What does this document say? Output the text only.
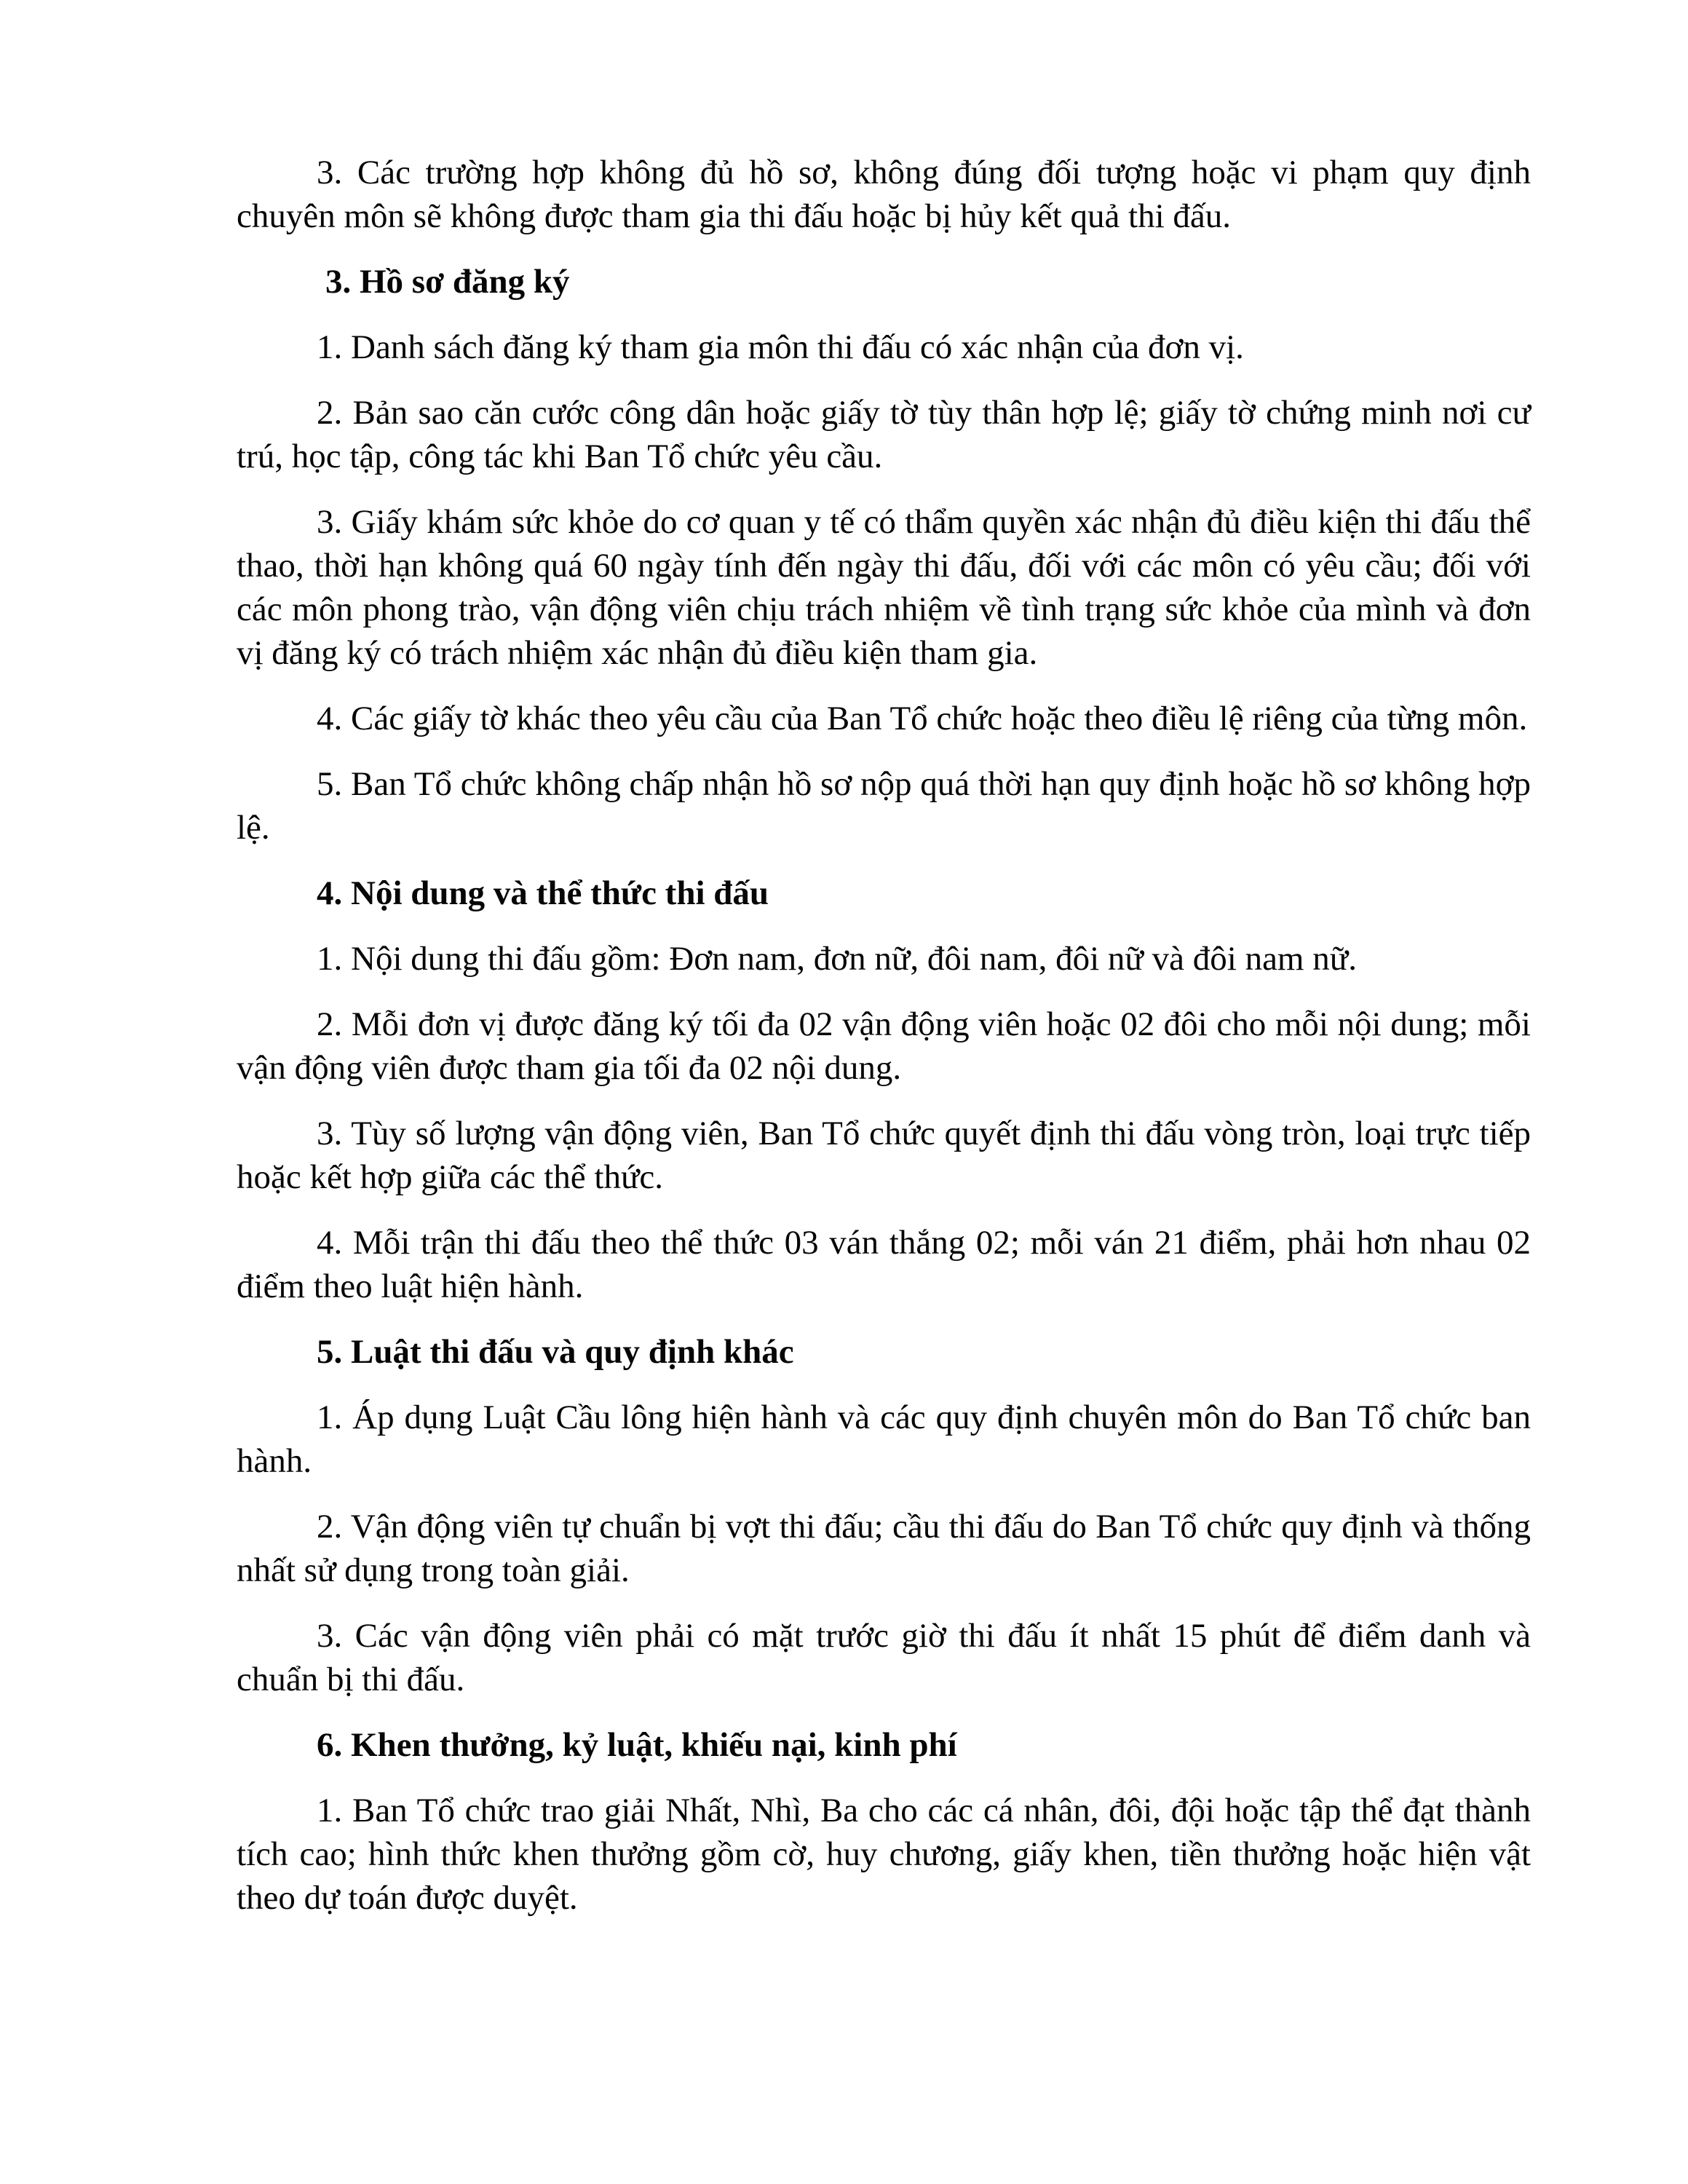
3. Các trường hợp không đủ hồ sơ, không đúng đối tượng hoặc vi phạm quy định chuyên môn sẽ không được tham gia thi đấu hoặc bị hủy kết quả thi đấu.

3. Hồ sơ đăng ký

1. Danh sách đăng ký tham gia môn thi đấu có xác nhận của đơn vị.

2. Bản sao căn cước công dân hoặc giấy tờ tùy thân hợp lệ; giấy tờ chứng minh nơi cư trú, học tập, công tác khi Ban Tổ chức yêu cầu.

3. Giấy khám sức khỏe do cơ quan y tế có thẩm quyền xác nhận đủ điều kiện thi đấu thể thao, thời hạn không quá 60 ngày tính đến ngày thi đấu, đối với các môn có yêu cầu; đối với các môn phong trào, vận động viên chịu trách nhiệm về tình trạng sức khỏe của mình và đơn vị đăng ký có trách nhiệm xác nhận đủ điều kiện tham gia.

4. Các giấy tờ khác theo yêu cầu của Ban Tổ chức hoặc theo điều lệ riêng của từng môn.

5. Ban Tổ chức không chấp nhận hồ sơ nộp quá thời hạn quy định hoặc hồ sơ không hợp lệ.

4. Nội dung và thể thức thi đấu

1. Nội dung thi đấu gồm: Đơn nam, đơn nữ, đôi nam, đôi nữ và đôi nam nữ.

2. Mỗi đơn vị được đăng ký tối đa 02 vận động viên hoặc 02 đôi cho mỗi nội dung; mỗi vận động viên được tham gia tối đa 02 nội dung.

3. Tùy số lượng vận động viên, Ban Tổ chức quyết định thi đấu vòng tròn, loại trực tiếp hoặc kết hợp giữa các thể thức.

4. Mỗi trận thi đấu theo thể thức 03 ván thắng 02; mỗi ván 21 điểm, phải hơn nhau 02 điểm theo luật hiện hành.

5. Luật thi đấu và quy định khác

1. Áp dụng Luật Cầu lông hiện hành và các quy định chuyên môn do Ban Tổ chức ban hành.

2. Vận động viên tự chuẩn bị vợt thi đấu; cầu thi đấu do Ban Tổ chức quy định và thống nhất sử dụng trong toàn giải.

3. Các vận động viên phải có mặt trước giờ thi đấu ít nhất 15 phút để điểm danh và chuẩn bị thi đấu.

6. Khen thưởng, kỷ luật, khiếu nại, kinh phí

1. Ban Tổ chức trao giải Nhất, Nhì, Ba cho các cá nhân, đôi, đội hoặc tập thể đạt thành tích cao; hình thức khen thưởng gồm cờ, huy chương, giấy khen, tiền thưởng hoặc hiện vật theo dự toán được duyệt.
